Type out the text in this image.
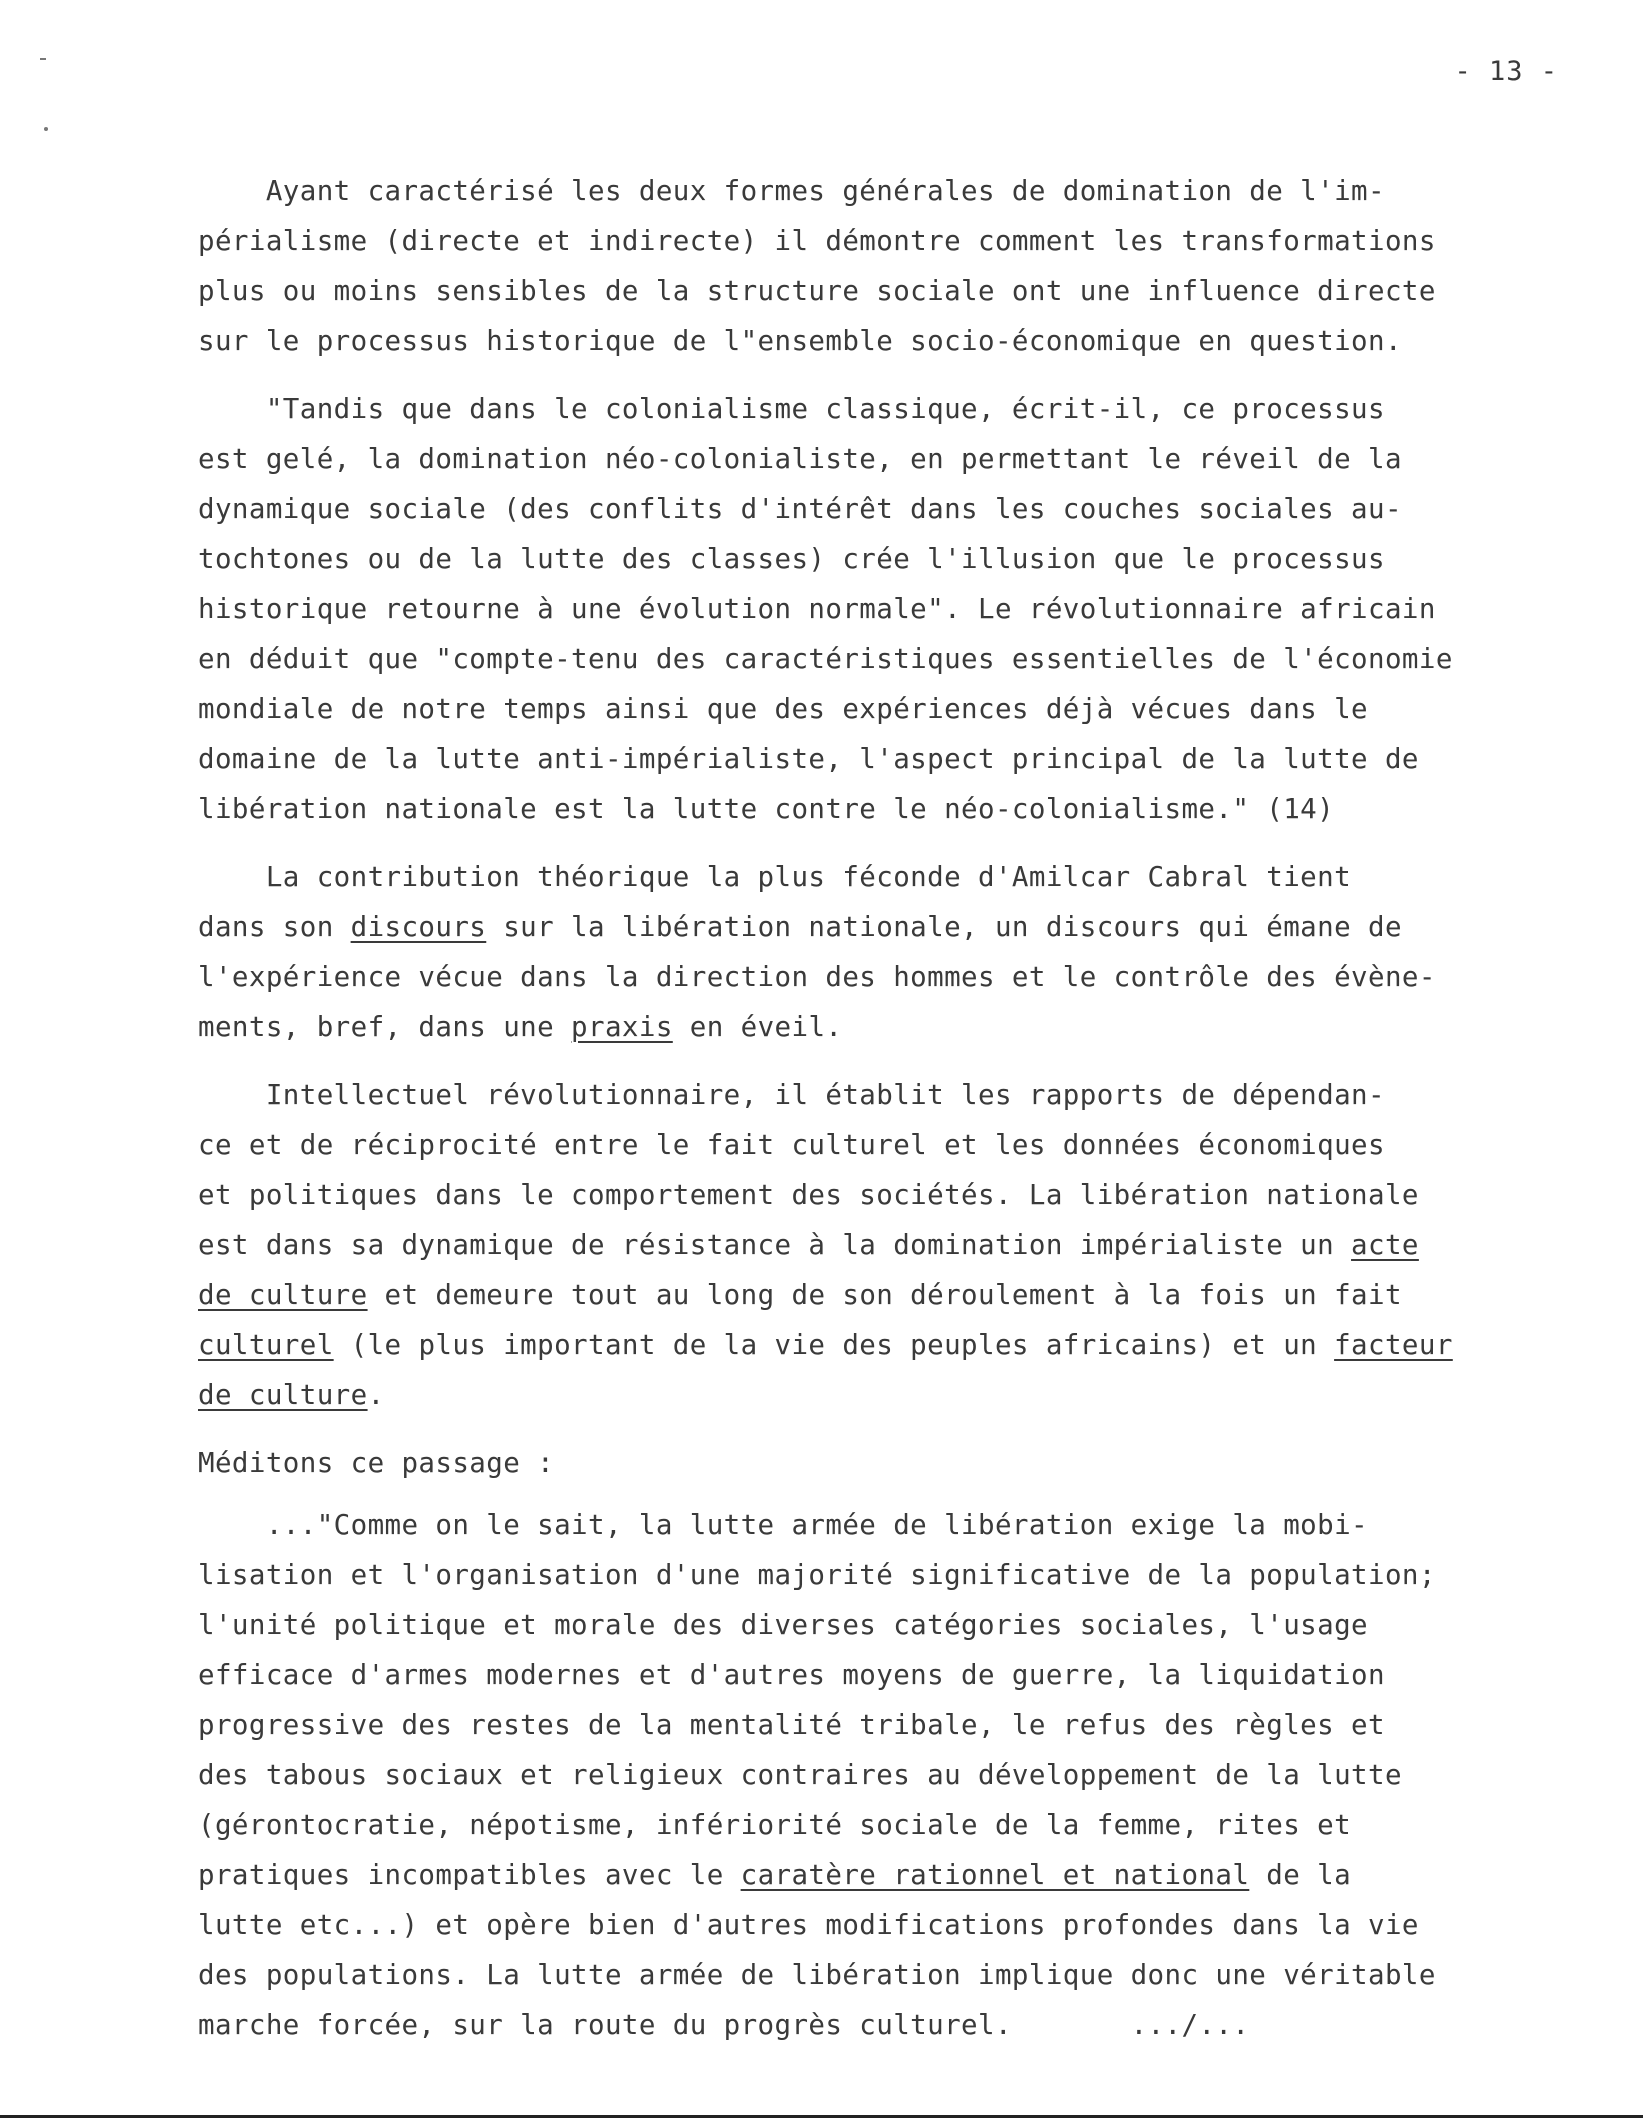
- 13 -
Ayant caractérisé les deux formes générales de domination de l'im-
périalisme (directe et indirecte) il démontre comment les transformations
plus ou moins sensibles de la structure sociale ont une influence directe
sur le processus historique de l"ensemble socio-économique en question.
"Tandis que dans le colonialisme classique, écrit-il, ce processus
est gelé, la domination néo-colonialiste, en permettant le réveil de la
dynamique sociale (des conflits d'intérêt dans les couches sociales au-
tochtones ou de la lutte des classes) crée l'illusion que le processus
historique retourne à une évolution normale". Le révolutionnaire africain
en déduit que "compte-tenu des caractéristiques essentielles de l'économie
mondiale de notre temps ainsi que des expériences déjà vécues dans le
domaine de la lutte anti-impérialiste, l'aspect principal de la lutte de
libération nationale est la lutte contre le néo-colonialisme." (14)
La contribution théorique la plus féconde d'Amilcar Cabral tient
dans son discours sur la libération nationale, un discours qui émane de
l'expérience vécue dans la direction des hommes et le contrôle des évène-
ments, bref, dans une praxis en éveil.
Intellectuel révolutionnaire, il établit les rapports de dépendan-
ce et de réciprocité entre le fait culturel et les données économiques
et politiques dans le comportement des sociétés. La libération nationale
est dans sa dynamique de résistance à la domination impérialiste un acte
de culture et demeure tout au long de son déroulement à la fois un fait
culturel (le plus important de la vie des peuples africains) et un facteur
de culture.
Méditons ce passage :
..."Comme on le sait, la lutte armée de libération exige la mobi-
lisation et l'organisation d'une majorité significative de la population;
l'unité politique et morale des diverses catégories sociales, l'usage
efficace d'armes modernes et d'autres moyens de guerre, la liquidation
progressive des restes de la mentalité tribale, le refus des règles et
des tabous sociaux et religieux contraires au développement de la lutte
(gérontocratie, népotisme, infériorité sociale de la femme, rites et
pratiques incompatibles avec le caratère rationnel et national de la
lutte etc...) et opère bien d'autres modifications profondes dans la vie
des populations. La lutte armée de libération implique donc une véritable
marche forcée, sur la route du progrès culturel.       .../...
